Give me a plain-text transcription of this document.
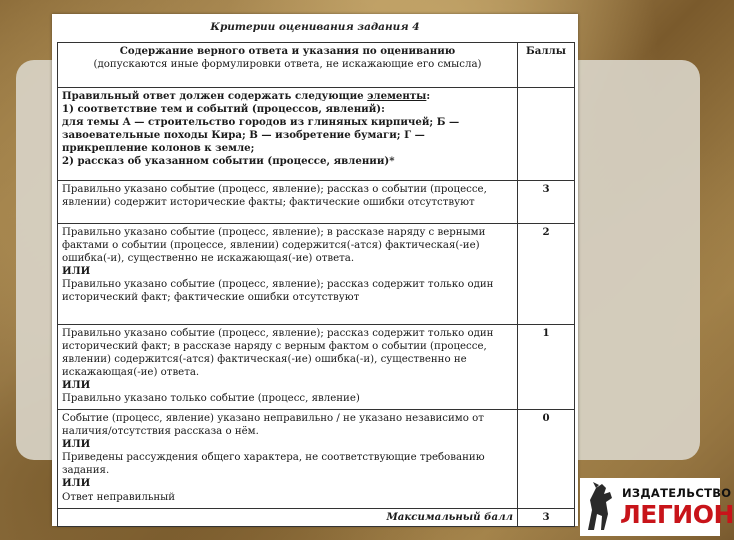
Критерии оценивания задания 4
Содержание верного ответа и указания по оцениванию
(допускаются иные формулировки ответа, не искажающие его смысла)	Баллы

Правильный ответ должен содержать следующие элементы:
1) соответствие тем и событий (процессов, явлений):
для темы А — строительство городов из глиняных кирпичей; Б — завоевательные походы Кира; В — изобретение бумаги; Г — прикрепление колонов к земле;
2) рассказ об указанном событии (процессе, явлении)*	

Правильно указано событие (процесс, явление); рассказ о событии (процессе, явлении) содержит исторические факты; фактические ошибки отсутствуют	3

Правильно указано событие (процесс, явление); в рассказе наряду с верными фактами о событии (процессе, явлении) содержится(-атся) фактическая(-ие) ошибка(-и), существенно не искажающая(-ие) ответа.
ИЛИ
Правильно указано событие (процесс, явление); рассказ содержит только один исторический факт; фактические ошибки отсутствуют	2

Правильно указано событие (процесс, явление); рассказ содержит только один исторический факт; в рассказе наряду с верным фактом о событии (процессе, явлении) содержится(-атся) фактическая(-ие) ошибка(-и), существенно не искажающая(-ие) ответа.
ИЛИ
Правильно указано только событие (процесс, явление)	1

Событие (процесс, явление) указано неправильно / не указано независимо от наличия/отсутствия рассказа о нём.
ИЛИ
Приведены рассуждения общего характера, не соответствующие требованию задания.
ИЛИ
Ответ неправильный	0
Максимальный балл	3
ИЗДАТЕЛЬСТВО
ЛЕГИОН
